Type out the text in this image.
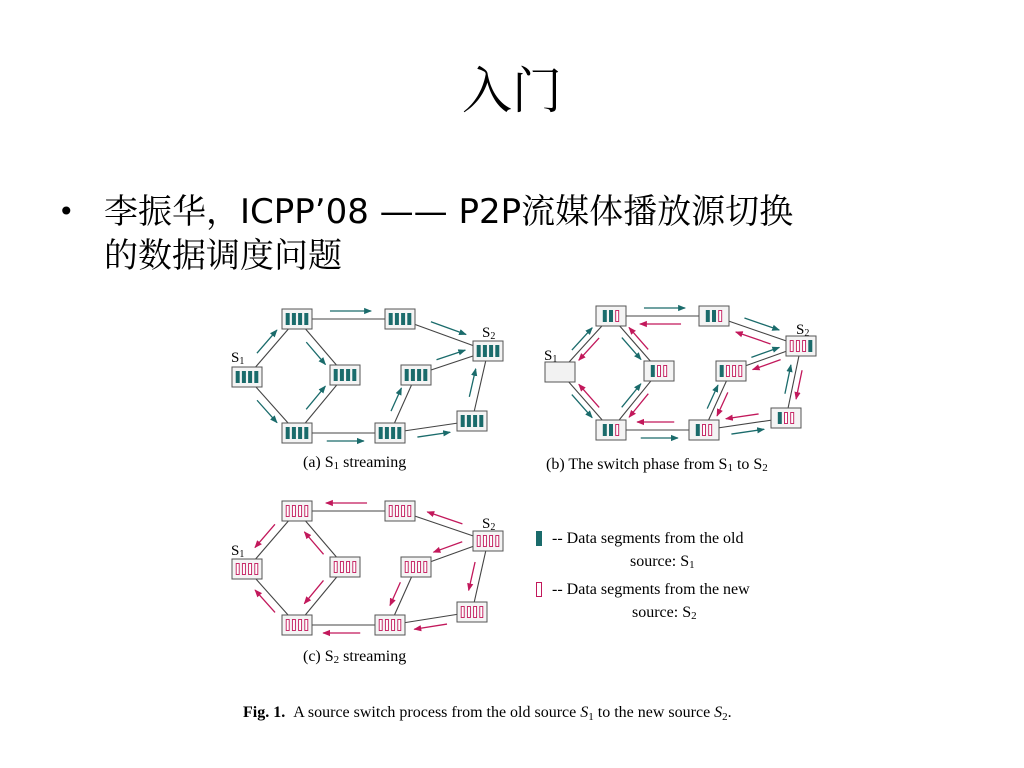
入门
• 李振华，ICPP’08 —— P2P流媒体播放源切换
的数据调度问题
S1
S2
S1
S2
S1
S2
(a) S1 streaming	(b) The switch phase from S1 to S2
(c) S2 streaming
-- Data segments from the old
source: S1
-- Data segments from the new
source: S2
Fig. 1. A source switch process from the old source S1 to the new source S2.
